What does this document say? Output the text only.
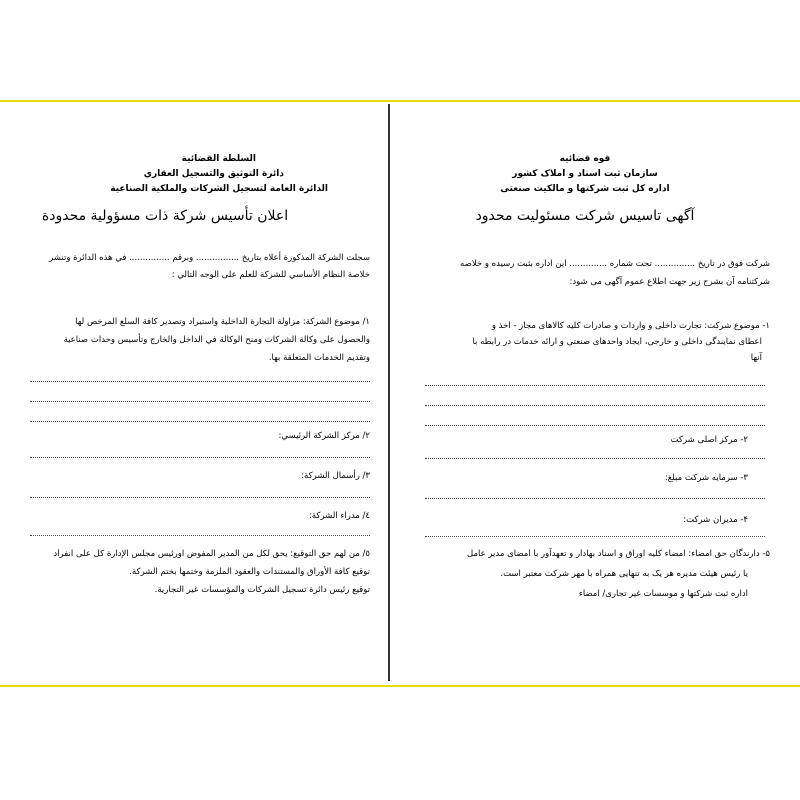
قوه قضائیه
سازمان ثبت اسناد و املاک کشور
اداره کل ثبت شرکتها و مالکیت صنعتی
آگهی تاسیس شرکت مسئولیت محدود
شرکت فوق در تاریخ ............... تحت شماره .............. این اداره بثبت رسیده و خلاصه
شرکتنامه آن بشرح زیر جهت اطلاع عموم آگهی می شود:
۱- موضوع شرکت: تجارت داخلی و واردات و صادرات کلیه کالاهای مجاز - اخذ و
اعطای نمایندگی داخلی و خارجی، ایجاد واحدهای صنعتی و ارائه خدمات در رابطه با
آنها
۲- مرکز اصلی شرکت
۳- سرمایه شرکت مبلغ:
۴- مدیران شرکت:
۵- دارندگان حق امضاء: امضاء کلیه اوراق و اسناد بهادار و تعهدآور با امضای مدیر عامل
یا رئیس هیئت مدیره هر یک به تنهایی همراه با مهر شرکت معتبر است.
اداره ثبت شرکتها و موسسات غیر تجاری/ امضاء
السلطة القضائية
دائرة التوثيق والتسجيل العقاري
الدائرة العامة لتسجيل الشركات والملكية الصناعية
اعلان تأسيس شركة ذات مسؤولية محدودة
سجلت الشركة المذكورة أعلاه بتاريخ ................ وبرقم ............... في هذه الدائرة وتنشر
خلاصة النظام الأساسي للشركة للعلم على الوجه التالي :
۱/ موضوع الشركة: مزاولة التجارة الداخلية واستيراد وتصدير كافة السلع المرخص لها
والحصول على وكالة الشركات ومنح الوكالة في الداخل والخارج وتأسيس وحدات صناعية
وتقديم الخدمات المتعلقة بها.
۲/ مركز الشركة الرئيسي:
۳/ رأسمال الشركة:
٤/ مدراء الشركة:
٥/ من لهم حق التوقيع: يحق لكل من المدير المفوض اورئيس مجلس الإدارة كل على انفراد
توقيع كافة الأوراق والمستندات والعقود الملزمة وختمها بختم الشركة.
توقيع رئيس دائرة تسجيل الشركات والمؤسسات غير التجارية.
